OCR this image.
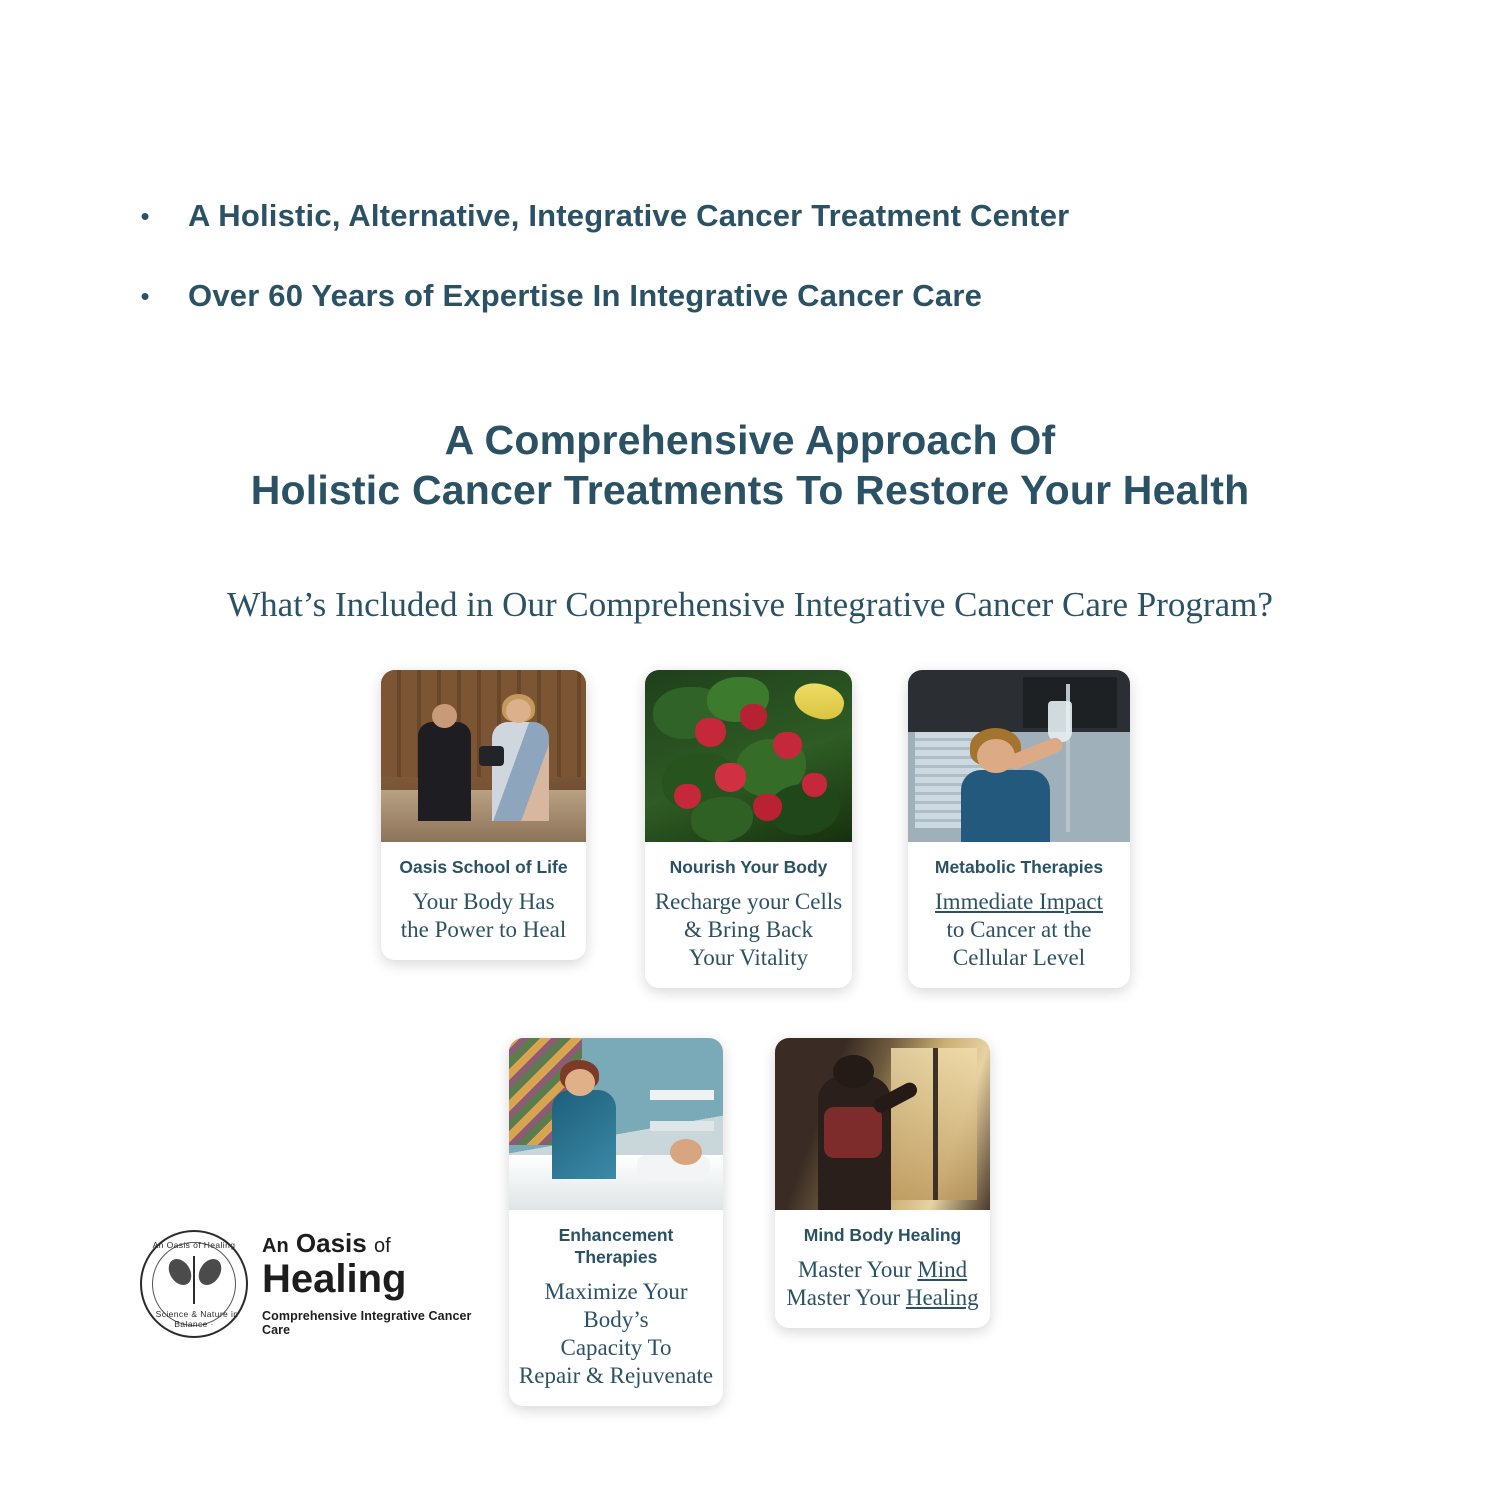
•	A Holistic, Alternative, Integrative Cancer Treatment Center
•	Over 60 Years of Expertise In Integrative Cancer Care
A Comprehensive Approach Of
Holistic Cancer Treatments To Restore Your Health
What’s Included in Our Comprehensive Integrative Cancer Care Program?
Oasis School of Life
Your Body Has
the Power to Heal
Nourish Your Body
Recharge your Cells
& Bring Back
Your Vitality
Metabolic Therapies
Immediate Impact
to Cancer at the
Cellular Level
Enhancement
Therapies
Maximize Your Body’s
Capacity To
Repair & Rejuvenate
Mind Body Healing
Master Your Mind
Master Your Healing
An Oasis of Healing
· Science & Nature in Balance ·
An Oasis of
Healing
Comprehensive Integrative Cancer Care
